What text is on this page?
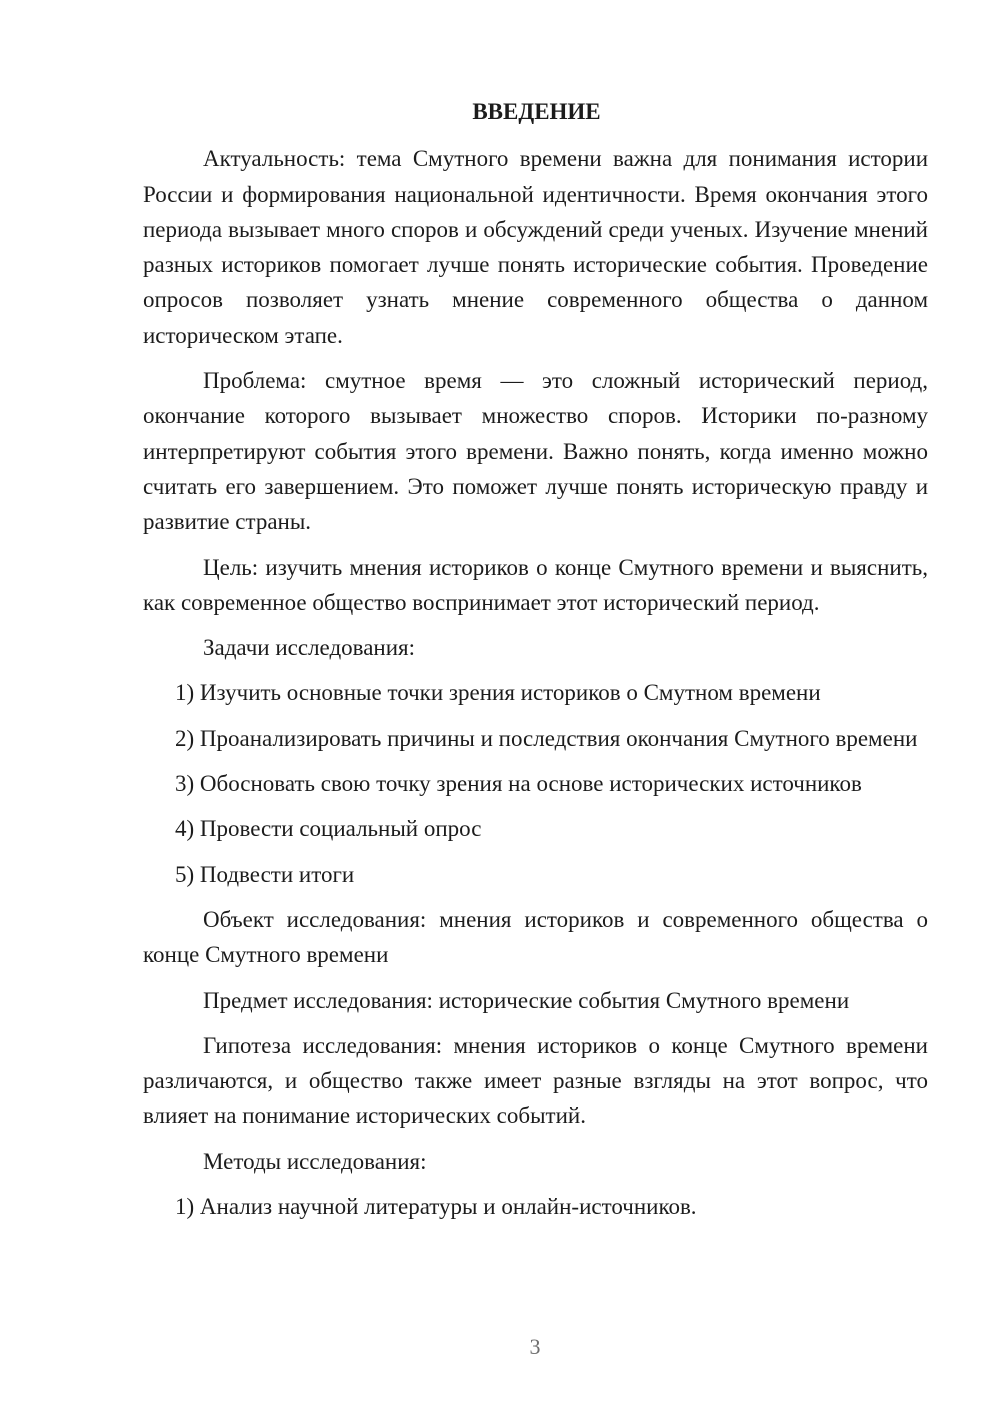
ВВЕДЕНИЕ

Актуальность: тема Смутного времени важна для понимания истории России и формирования национальной идентичности. Время окончания этого периода вызывает много споров и обсуждений среди ученых. Изучение мнений разных историков помогает лучше понять исторические события. Проведение опросов позволяет узнать мнение современного общества о данном историческом этапе.

Проблема: смутное время — это сложный исторический период, окончание которого вызывает множество споров. Историки по-разному интерпретируют события этого времени. Важно понять, когда именно можно считать его завершением. Это поможет лучше понять историческую правду и развитие страны.

Цель: изучить мнения историков о конце Смутного времени и выяснить, как современное общество воспринимает этот исторический период.

Задачи исследования:

1) Изучить основные точки зрения историков о Смутном времени

2) Проанализировать причины и последствия окончания Смутного времени

3) Обосновать свою точку зрения на основе исторических источников

4) Провести социальный опрос

5) Подвести итоги

Объект исследования: мнения историков и современного общества о конце Смутного времени

Предмет исследования: исторические события Смутного времени

Гипотеза исследования: мнения историков о конце Смутного времени различаются, и общество также имеет разные взгляды на этот вопрос, что влияет на понимание исторических событий.

Методы исследования:

1) Анализ научной литературы и онлайн-источников.

3
